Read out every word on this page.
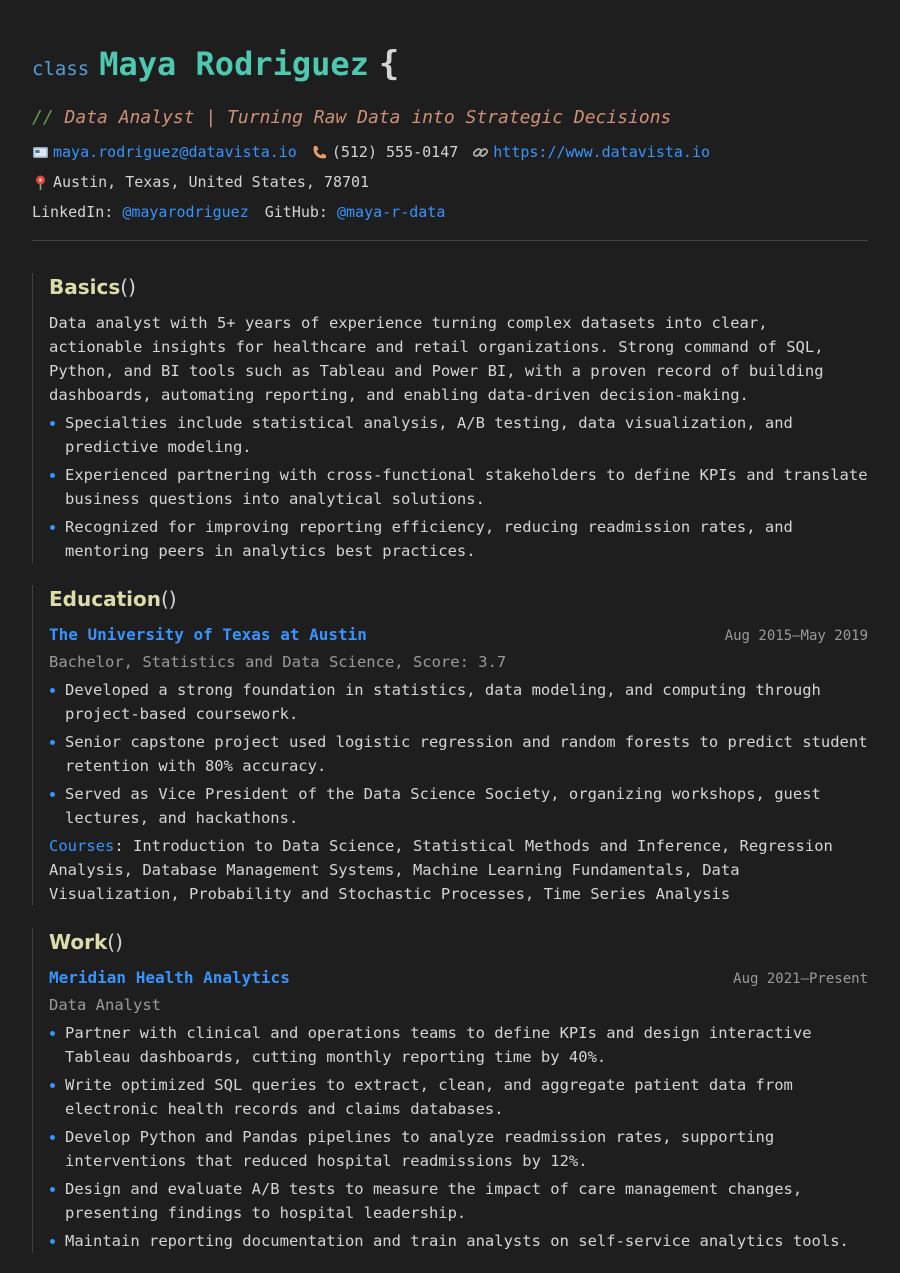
class Maya Rodriguez {
// Data Analyst | Turning Raw Data into Strategic Decisions
maya.rodriguez@datavista.io (512) 555-0147 https://www.datavista.io
Austin, Texas, United States, 78701
LinkedIn:
@mayarodriguez GitHub:
@maya-r-data
Basics()

Data analyst with 5+ years of experience turning complex datasets into clear, actionable insights for healthcare and retail organizations. Strong command of SQL, Python, and BI tools such as Tableau and Power BI, with a proven record of building dashboards, automating reporting, and enabling data-driven decision-making.

Specialties include statistical analysis, A/B testing, data visualization, and predictive modeling.
Experienced partnering with cross-functional stakeholders to define KPIs and translate business questions into analytical solutions.
Recognized for improving reporting efficiency, reducing readmission rates, and mentoring peers in analytics best practices.
Education()
The University of Texas at Austin	Aug 2015–May 2019
Bachelor, Statistics and Data Science, Score: 3.7
Developed a strong foundation in statistics, data modeling, and computing through project-based coursework.
Senior capstone project used logistic regression and random forests to predict student retention with 80% accuracy.
Served as Vice President of the Data Science Society, organizing workshops, guest lectures, and hackathons.

Courses: Introduction to Data Science, Statistical Methods and Inference, Regression Analysis, Database Management Systems, Machine Learning Fundamentals, Data Visualization, Probability and Stochastic Processes, Time Series Analysis

Work()
Meridian Health Analytics	Aug 2021–Present
Data Analyst
Partner with clinical and operations teams to define KPIs and design interactive Tableau dashboards, cutting monthly reporting time by 40%.
Write optimized SQL queries to extract, clean, and aggregate patient data from electronic health records and claims databases.
Develop Python and Pandas pipelines to analyze readmission rates, supporting interventions that reduced hospital readmissions by 12%.
Design and evaluate A/B tests to measure the impact of care management changes, presenting findings to hospital leadership.
Maintain reporting documentation and train analysts on self-service analytics tools.
